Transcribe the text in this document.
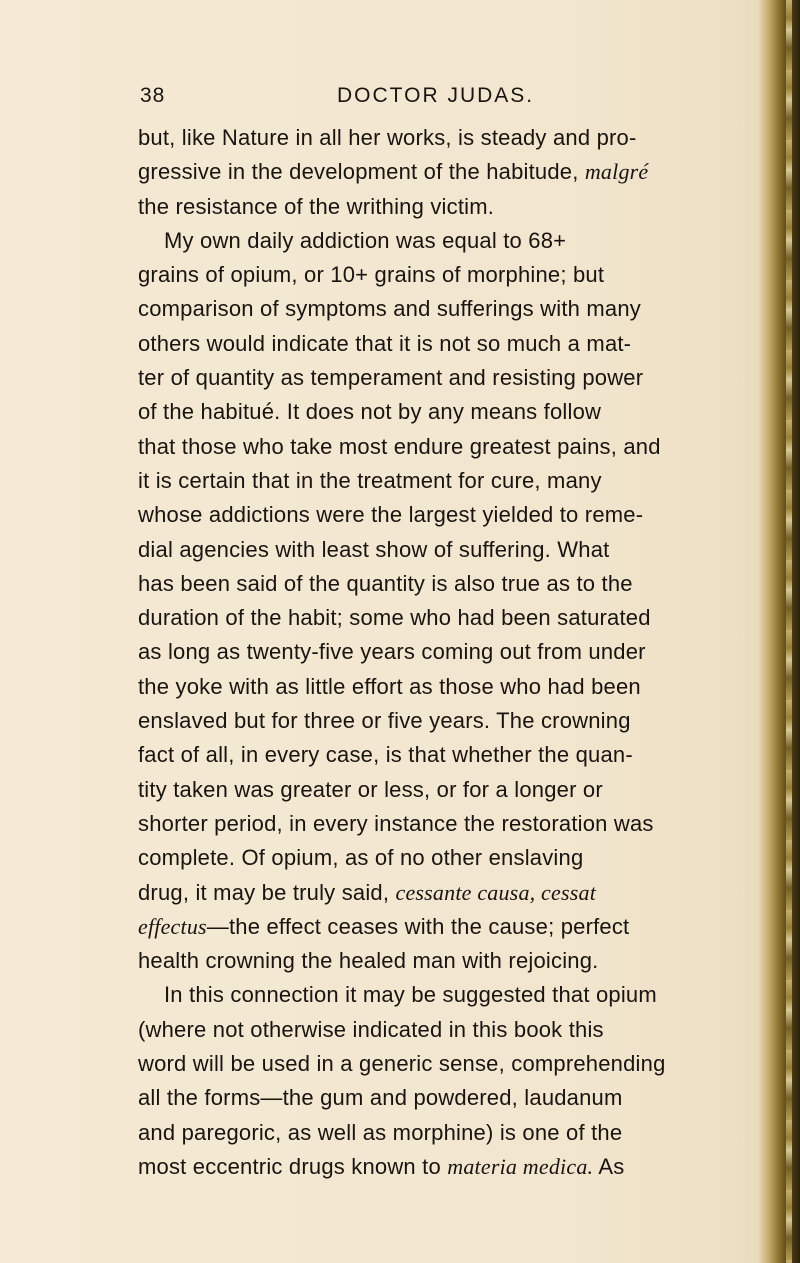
38	DOCTOR JUDAS.

but, like Nature in all her works, is steady and pro-
gressive in the development of the habitude, malgré
the resistance of the writhing victim.

My own daily addiction was equal to 68+
grains of opium, or 10+ grains of morphine; but
comparison of symptoms and sufferings with many
others would indicate that it is not so much a mat-
ter of quantity as temperament and resisting power
of the habitué. It does not by any means follow
that those who take most endure greatest pains, and
it is certain that in the treatment for cure, many
whose addictions were the largest yielded to reme-
dial agencies with least show of suffering. What
has been said of the quantity is also true as to the
duration of the habit; some who had been saturated
as long as twenty-five years coming out from under
the yoke with as little effort as those who had been
enslaved but for three or five years. The crowning
fact of all, in every case, is that whether the quan-
tity taken was greater or less, or for a longer or
shorter period, in every instance the restoration was
complete. Of opium, as of no other enslaving
drug, it may be truly said, cessante causa, cessat
effectus—the effect ceases with the cause; perfect
health crowning the healed man with rejoicing.

In this connection it may be suggested that opium
(where not otherwise indicated in this book this
word will be used in a generic sense, comprehending
all the forms—the gum and powdered, laudanum
and paregoric, as well as morphine) is one of the
most eccentric drugs known to materia medica. As
